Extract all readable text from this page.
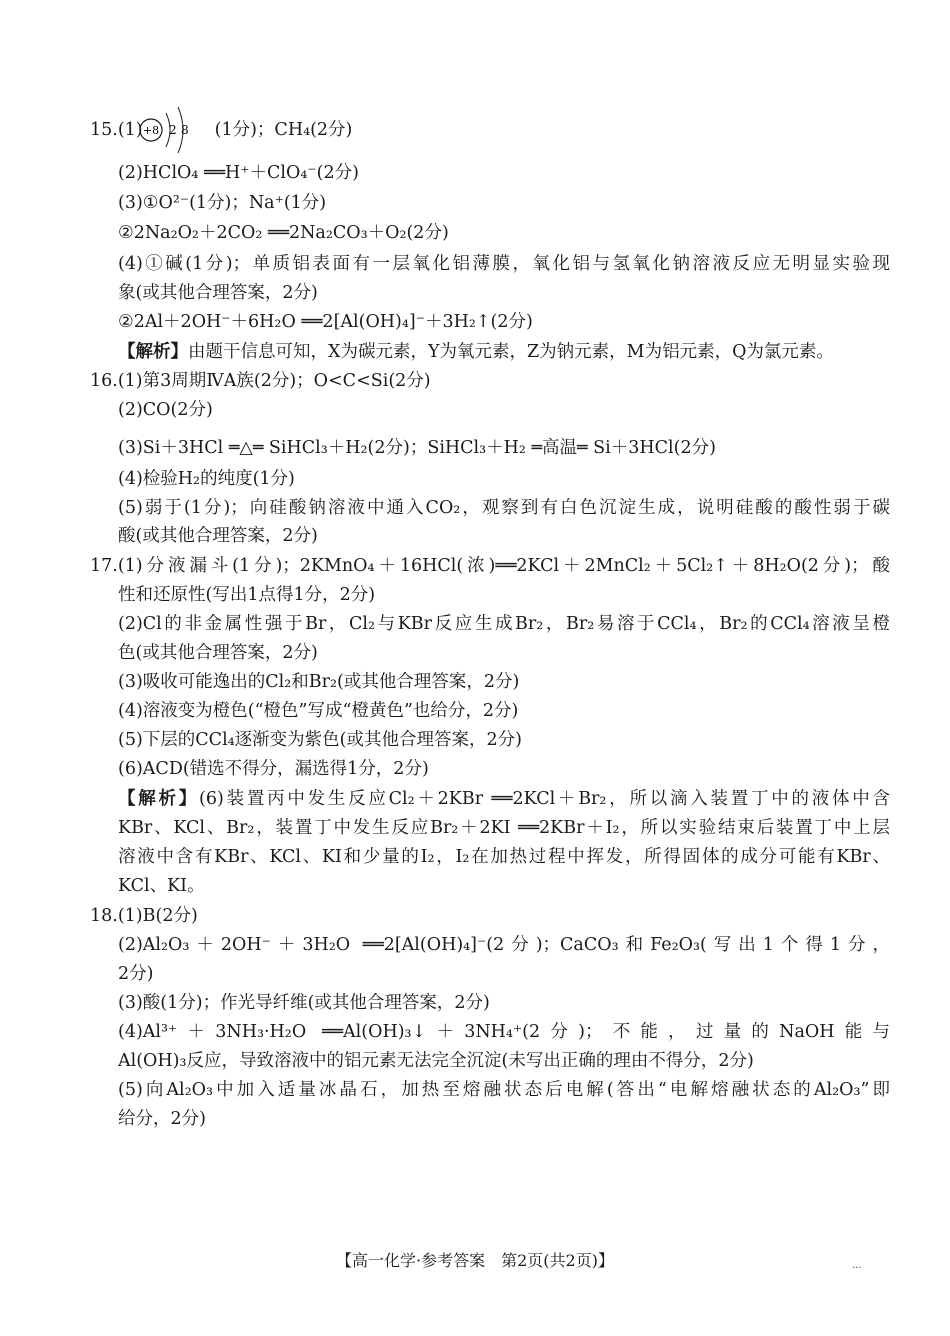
15.(1)	(1分)；CH₄(2分)
+8 2 8
(2)HClO₄ ══H⁺＋ClO₄⁻(2分)
(3)①O²⁻(1分)；Na⁺(1分)
②2Na₂O₂＋2CO₂ ══2Na₂CO₃＋O₂(2分)
(4)①碱(1分)；单质铝表面有一层氧化铝薄膜，氧化铝与氢氧化钠溶液反应无明显实验现
象(或其他合理答案，2分)
②2Al＋2OH⁻＋6H₂O ══2[Al(OH)₄]⁻＋3H₂↑(2分)
【解析】由题干信息可知，X为碳元素，Y为氧元素，Z为钠元素，M为铝元素，Q为氯元素。
16.(1)第3周期ⅣA族(2分)；O<C<Si(2分)
(2)CO(2分)
(3)Si＋3HCl ═△═ SiHCl₃＋H₂(2分)；SiHCl₃＋H₂ ═高温═ Si＋3HCl(2分)
(4)检验H₂的纯度(1分)
(5)弱于(1分)；向硅酸钠溶液中通入CO₂，观察到有白色沉淀生成，说明硅酸的酸性弱于碳
酸(或其他合理答案，2分)
17.(1)分液漏斗(1分)；2KMnO₄＋16HCl(浓)══2KCl＋2MnCl₂＋5Cl₂↑＋8H₂O(2分)；酸
性和还原性(写出1点得1分，2分)
(2)Cl的非金属性强于Br，Cl₂与KBr反应生成Br₂，Br₂易溶于CCl₄，Br₂的CCl₄溶液呈橙
色(或其他合理答案，2分)
(3)吸收可能逸出的Cl₂和Br₂(或其他合理答案，2分)
(4)溶液变为橙色(“橙色”写成“橙黄色”也给分，2分)
(5)下层的CCl₄逐渐变为紫色(或其他合理答案，2分)
(6)ACD(错选不得分，漏选得1分，2分)
【解析】(6)装置丙中发生反应Cl₂＋2KBr ══2KCl＋Br₂，所以滴入装置丁中的液体中含
KBr、KCl、Br₂，装置丁中发生反应Br₂＋2KI ══2KBr＋I₂，所以实验结束后装置丁中上层
溶液中含有KBr、KCl、KI和少量的I₂，I₂在加热过程中挥发，所得固体的成分可能有KBr、
KCl、KI。
18.(1)B(2分)
(2)Al₂O₃＋2OH⁻＋3H₂O ══2[Al(OH)₄]⁻(2分)；CaCO₃和Fe₂O₃(写出1个得1分，
2分)
(3)酸(1分)；作光导纤维(或其他合理答案，2分)
(4)Al³⁺＋3NH₃·H₂O ══Al(OH)₃↓＋3NH₄⁺(2分)；不能，过量的NaOH能与
Al(OH)₃反应，导致溶液中的铝元素无法完全沉淀(未写出正确的理由不得分，2分)
(5)向Al₂O₃中加入适量冰晶石，加热至熔融状态后电解(答出“电解熔融状态的Al₂O₃”即
给分，2分)
【高一化学·参考答案　第2页(共2页)】	...
